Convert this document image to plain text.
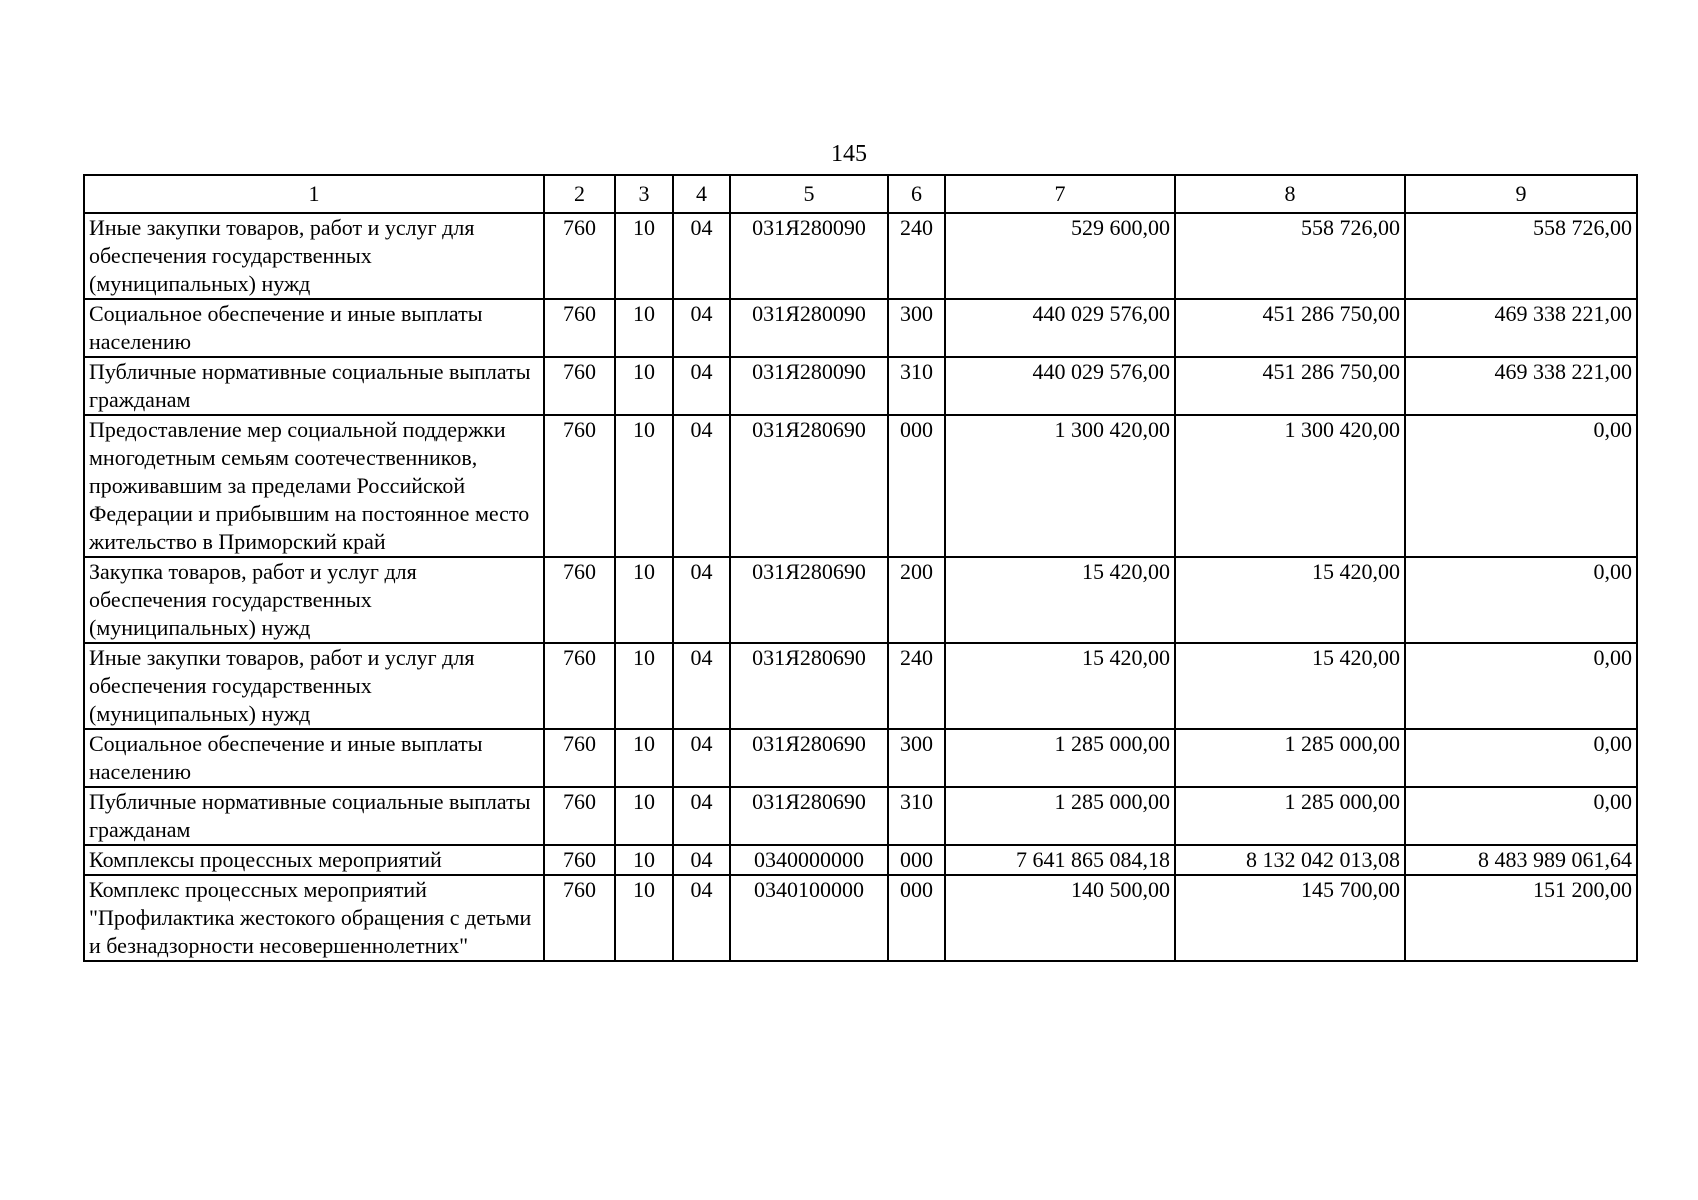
145
1	2	3	4	5	6	7	8	9
Иные закупки товаров, работ и услуг для обеспечения государственных (муниципальных) нужд	760	10	04	031Я280090	240	529 600,00	558 726,00	558 726,00
Социальное обеспечение и иные выплаты населению	760	10	04	031Я280090	300	440 029 576,00	451 286 750,00	469 338 221,00
Публичные нормативные социальные выплаты гражданам	760	10	04	031Я280090	310	440 029 576,00	451 286 750,00	469 338 221,00
Предоставление мер социальной поддержки многодетным семьям соотечественников, проживавшим за пределами Российской Федерации и прибывшим на постоянное место жительство в Приморский край	760	10	04	031Я280690	000	1 300 420,00	1 300 420,00	0,00
Закупка товаров, работ и услуг для обеспечения государственных (муниципальных) нужд	760	10	04	031Я280690	200	15 420,00	15 420,00	0,00
Иные закупки товаров, работ и услуг для обеспечения государственных (муниципальных) нужд	760	10	04	031Я280690	240	15 420,00	15 420,00	0,00
Социальное обеспечение и иные выплаты населению	760	10	04	031Я280690	300	1 285 000,00	1 285 000,00	0,00
Публичные нормативные социальные выплаты гражданам	760	10	04	031Я280690	310	1 285 000,00	1 285 000,00	0,00
Комплексы процессных мероприятий	760	10	04	0340000000	000	7 641 865 084,18	8 132 042 013,08	8 483 989 061,64
Комплекс процессных мероприятий "Профилактика жестокого обращения с детьми и безнадзорности несовершеннолетних"	760	10	04	0340100000	000	140 500,00	145 700,00	151 200,00
